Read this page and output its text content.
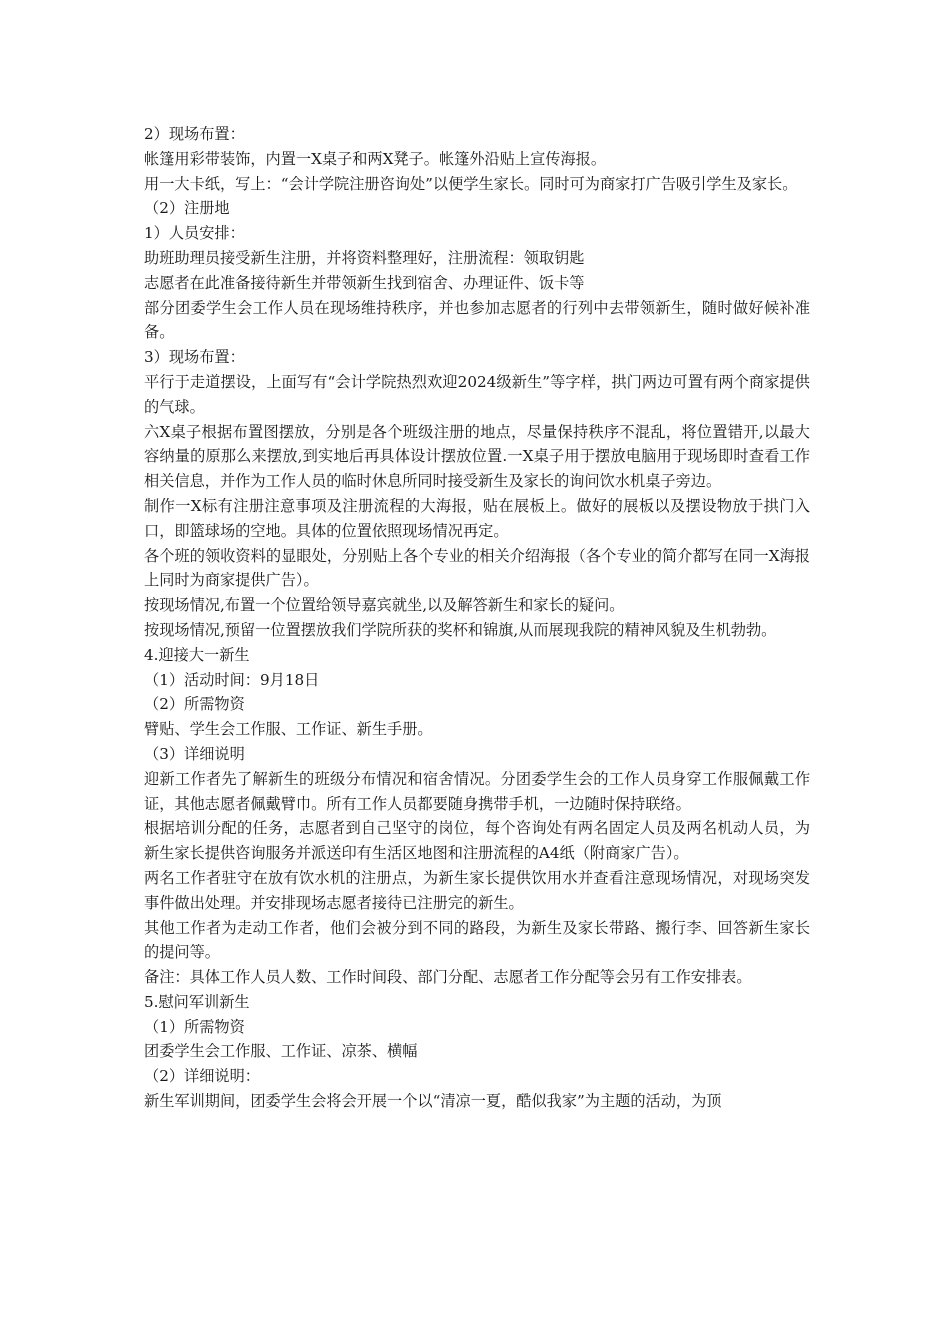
2）现场布置：

帐篷用彩带装饰，内置一X桌子和两X凳子。帐篷外沿贴上宣传海报。

用一大卡纸，写上：“会计学院注册咨询处”以便学生家长。同时可为商家打广告吸引学生及家长。

（2）注册地

1）人员安排：

助班助理员接受新生注册，并将资料整理好，注册流程：领取钥匙

志愿者在此准备接待新生并带领新生找到宿舍、办理证件、饭卡等

部分团委学生会工作人员在现场维持秩序，并也参加志愿者的行列中去带领新生，随时做好候补准备。

3）现场布置：

平行于走道摆设，上面写有“会计学院热烈欢迎2024级新生”等字样，拱门两边可置有两个商家提供的气球。

六X桌子根据布置图摆放，分别是各个班级注册的地点，尽量保持秩序不混乱，将位置错开,以最大容纳量的原那么来摆放,到实地后再具体设计摆放位置.一X桌子用于摆放电脑用于现场即时查看工作相关信息，并作为工作人员的临时休息所同时接受新生及家长的询问饮水机桌子旁边。

制作一X标有注册注意事项及注册流程的大海报，贴在展板上。做好的展板以及摆设物放于拱门入口，即篮球场的空地。具体的位置依照现场情况再定。

各个班的领收资料的显眼处，分别贴上各个专业的相关介绍海报（各个专业的简介都写在同一X海报上同时为商家提供广告）。

按现场情况,布置一个位置给领导嘉宾就坐,以及解答新生和家长的疑问。

按现场情况,预留一位置摆放我们学院所获的奖杯和锦旗,从而展现我院的精神风貌及生机勃勃。

4.迎接大一新生

（1）活动时间：9月18日

（2）所需物资

臂贴、学生会工作服、工作证、新生手册。

（3）详细说明

迎新工作者先了解新生的班级分布情况和宿舍情况。分团委学生会的工作人员身穿工作服佩戴工作证，其他志愿者佩戴臂巾。所有工作人员都要随身携带手机，一边随时保持联络。

根据培训分配的任务，志愿者到自己坚守的岗位，每个咨询处有两名固定人员及两名机动人员，为新生家长提供咨询服务并派送印有生活区地图和注册流程的A4纸（附商家广告）。

两名工作者驻守在放有饮水机的注册点，为新生家长提供饮用水并查看注意现场情况，对现场突发事件做出处理。并安排现场志愿者接待已注册完的新生。

其他工作者为走动工作者，他们会被分到不同的路段，为新生及家长带路、搬行李、回答新生家长的提问等。

备注：具体工作人员人数、工作时间段、部门分配、志愿者工作分配等会另有工作安排表。

5.慰问军训新生

（1）所需物资

团委学生会工作服、工作证、凉茶、横幅

（2）详细说明：

新生军训期间，团委学生会将会开展一个以“清凉一夏，酷似我家”为主题的活动，为顶
